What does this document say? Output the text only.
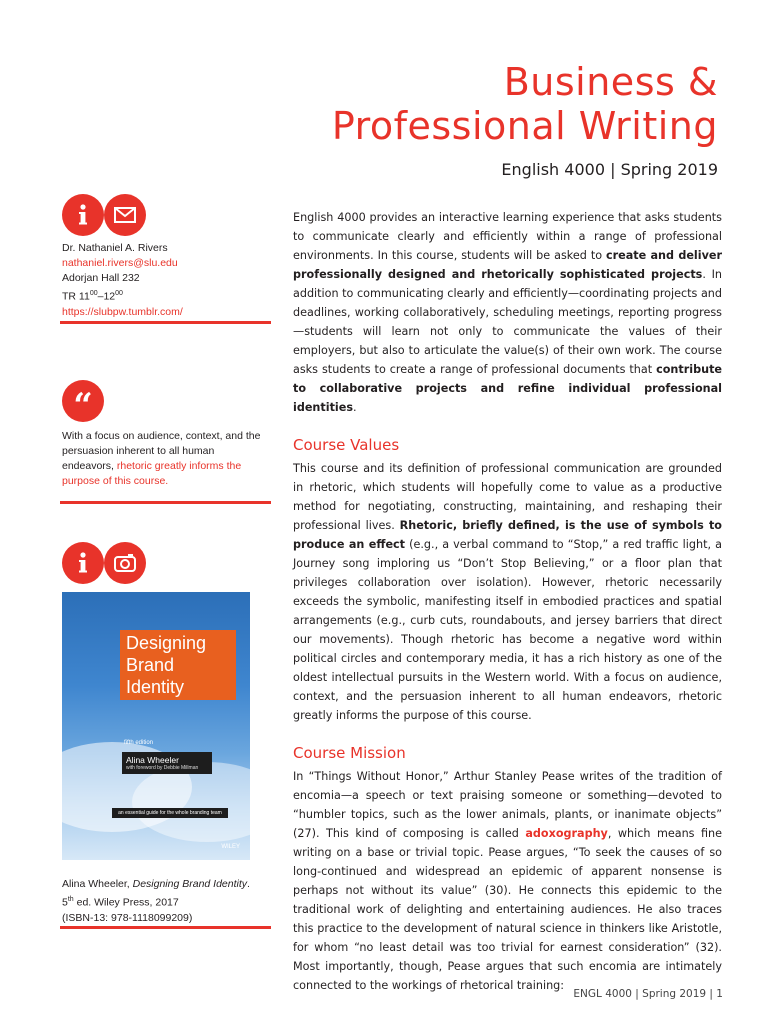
Business &
Professional Writing

English 4000 | Spring 2019

Dr. Nathaniel A. Rivers
nathaniel.rivers@slu.edu
Adorjan Hall 232
TR $11^{00}-12^{00}$
https://slubpw.tumblr.com/
“

With a focus on audience, context, and the persuasion inherent to all human endeavors, rhetoric greatly informs the purpose of this course.

Designing
Brand
Identity
fifth edition
Alina Wheeler
with foreword by Debbie Millman
an essential guide for the whole branding team
WILEY
Alina Wheeler, Designing Brand Identity.
5th ed. Wiley Press, 2017
(ISBN-13: 978-1118099209)

English 4000 provides an interactive learning experience that asks students to communicate clearly and efficiently within a range of professional environments. In this course, students will be asked to create and deliver professionally designed and rhetorically sophisticated projects. In addition to communicating clearly and efficiently—coordinating projects and deadlines, working collaboratively, scheduling meetings, reporting progress—students will learn not only to communicate the values of their employers, but also to articulate the value(s) of their own work. The course asks students to create a range of professional documents that contribute to collaborative projects and refine individual professional identities.

Course Values

This course and its definition of professional communication are grounded in rhetoric, which students will hopefully come to value as a productive method for negotiating, constructing, maintaining, and reshaping their professional lives. Rhetoric, briefly defined, is the use of symbols to produce an effect (e.g., a verbal command to “Stop,” a red traffic light, a Journey song imploring us “Don’t Stop Believing,” or a floor plan that privileges collaboration over isolation). However, rhetoric necessarily exceeds the symbolic, manifesting itself in embodied practices and spatial arrangements (e.g., curb cuts, roundabouts, and jersey barriers that direct our movements). Though rhetoric has become a negative word within political circles and contemporary media, it has a rich history as one of the oldest intellectual pursuits in the Western world. With a focus on audience, context, and the persuasion inherent to all human endeavors, rhetoric greatly informs the purpose of this course.

Course Mission

In “Things Without Honor,” Arthur Stanley Pease writes of the tradition of encomia—a speech or text praising someone or something—devoted to “humbler topics, such as the lower animals, plants, or inanimate objects” (27). This kind of composing is called adoxography, which means fine writing on a base or trivial topic. Pease argues, “To seek the causes of so long-continued and widespread an epidemic of apparent nonsense is perhaps not without its value” (30). He connects this epidemic to the traditional work of delighting and entertaining audiences. He also traces this practice to the development of natural science in thinkers like Aristotle, for whom “no least detail was too trivial for earnest consideration” (32). Most importantly, though, Pease argues that such encomia are intimately connected to the workings of rhetorical training:

ENGL 4000 | Spring 2019 | 1
